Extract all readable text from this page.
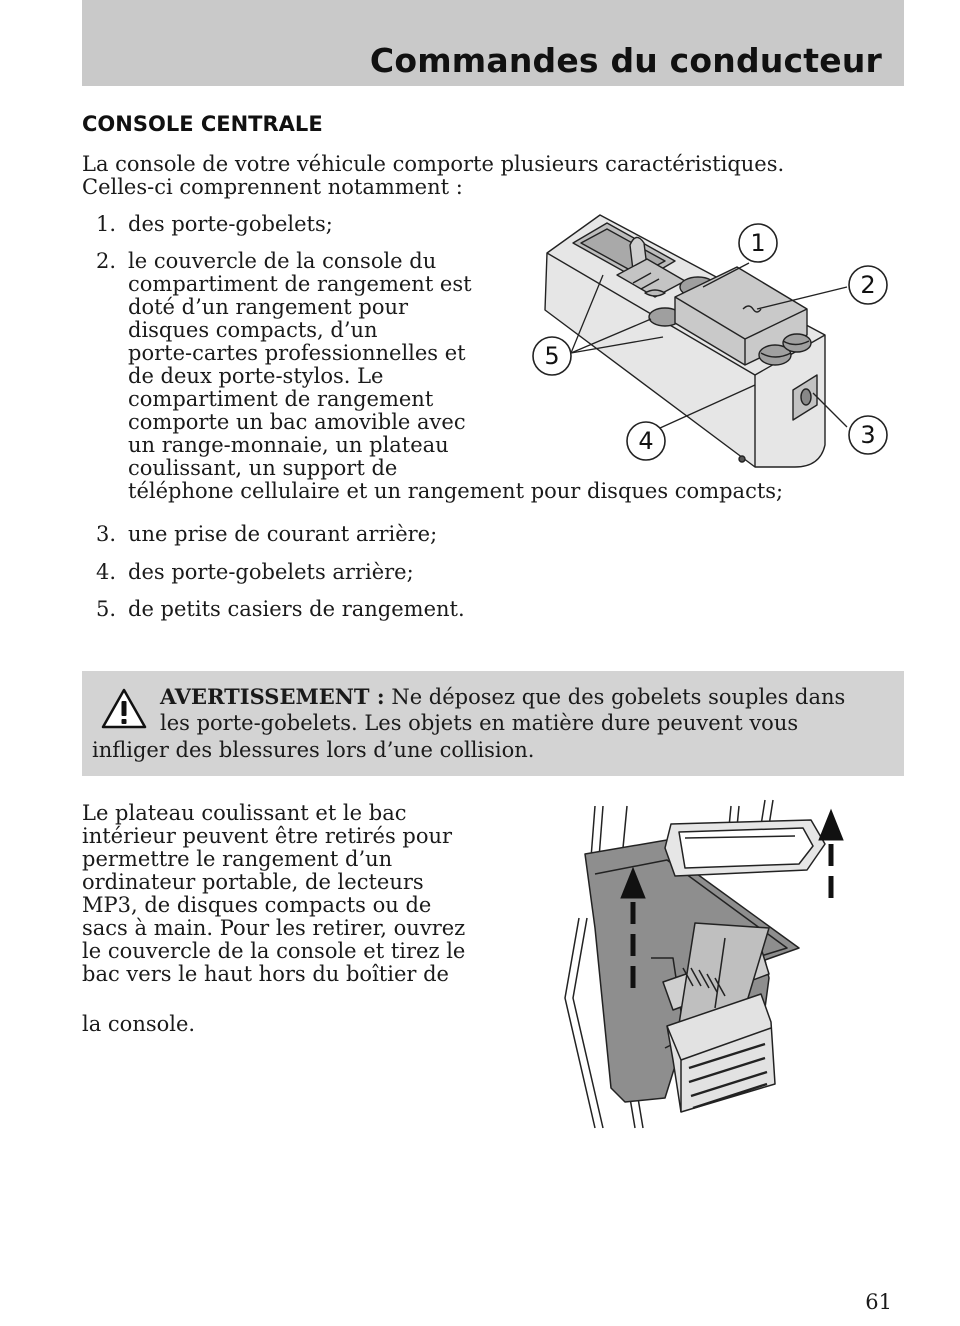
Commandes du conducteur
CONSOLE CENTRALE
La console de votre véhicule comporte plusieurs caractéristiques.
Celles-ci comprennent notamment :
1. des porte-gobelets;
2. le couvercle de la console du
compartiment de rangement est
doté d’un rangement pour
disques compacts, d’un
porte-cartes professionnelles et
de deux porte-stylos. Le
compartiment de rangement
comporte un bac amovible avec
un range-monnaie, un plateau
coulissant, un support de
téléphone cellulaire et un rangement pour disques compacts;
3. une prise de courant arrière;
4. des porte-gobelets arrière;
5. de petits casiers de rangement.
1
2
3
4
5
AVERTISSEMENT : Ne déposez que des gobelets souples dans
les porte-gobelets. Les objets en matière dure peuvent vous
infliger des blessures lors d’une collision.
Le plateau coulissant et le bac
intérieur peuvent être retirés pour
permettre le rangement d’un
ordinateur portable, de lecteurs
MP3, de disques compacts ou de
sacs à main. Pour les retirer, ouvrez
le couvercle de la console et tirez le
bac vers le haut hors du boîtier de
la console.
61
